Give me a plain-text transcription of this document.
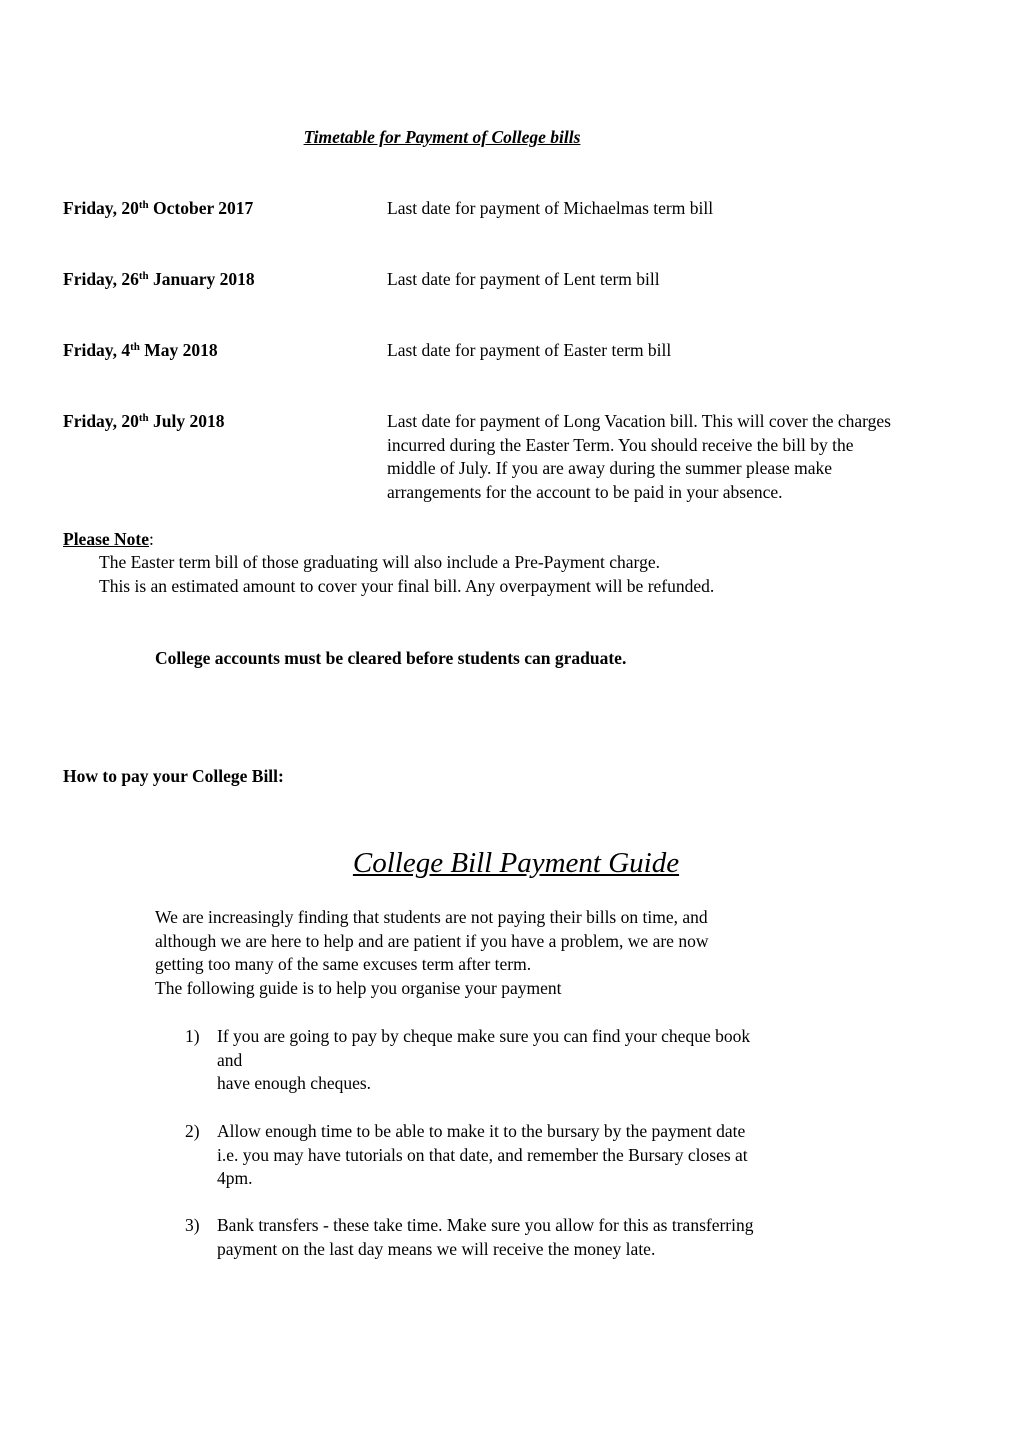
Timetable for Payment of College bills
Friday, 20th October 2017	Last date for payment of Michaelmas term bill
Friday, 26th January 2018	Last date for payment of Lent term bill
Friday, 4th May 2018	Last date for payment of Easter term bill
Friday, 20th July 2018	Last date for payment of Long Vacation bill. This will cover the charges
incurred during the Easter Term. You should receive the bill by the
middle of July. If you are away during the summer please make
arrangements for the account to be paid in your absence.
Please Note:
The Easter term bill of those graduating will also include a Pre-Payment charge.
This is an estimated amount to cover your final bill. Any overpayment will be refunded.
College accounts must be cleared before students can graduate.
How to pay your College Bill:
College Bill Payment Guide
We are increasingly finding that students are not paying their bills on time, and
although we are here to help and are patient if you have a problem, we are now
getting too many of the same excuses term after term.
The following guide is to help you organise your payment
1) If you are going to pay by cheque make sure you can find your cheque book
and
have enough cheques.
2) Allow enough time to be able to make it to the bursary by the payment date
i.e. you may have tutorials on that date, and remember the Bursary closes at
4pm.
3) Bank transfers - these take time. Make sure you allow for this as transferring
payment on the last day means we will receive the money late.
